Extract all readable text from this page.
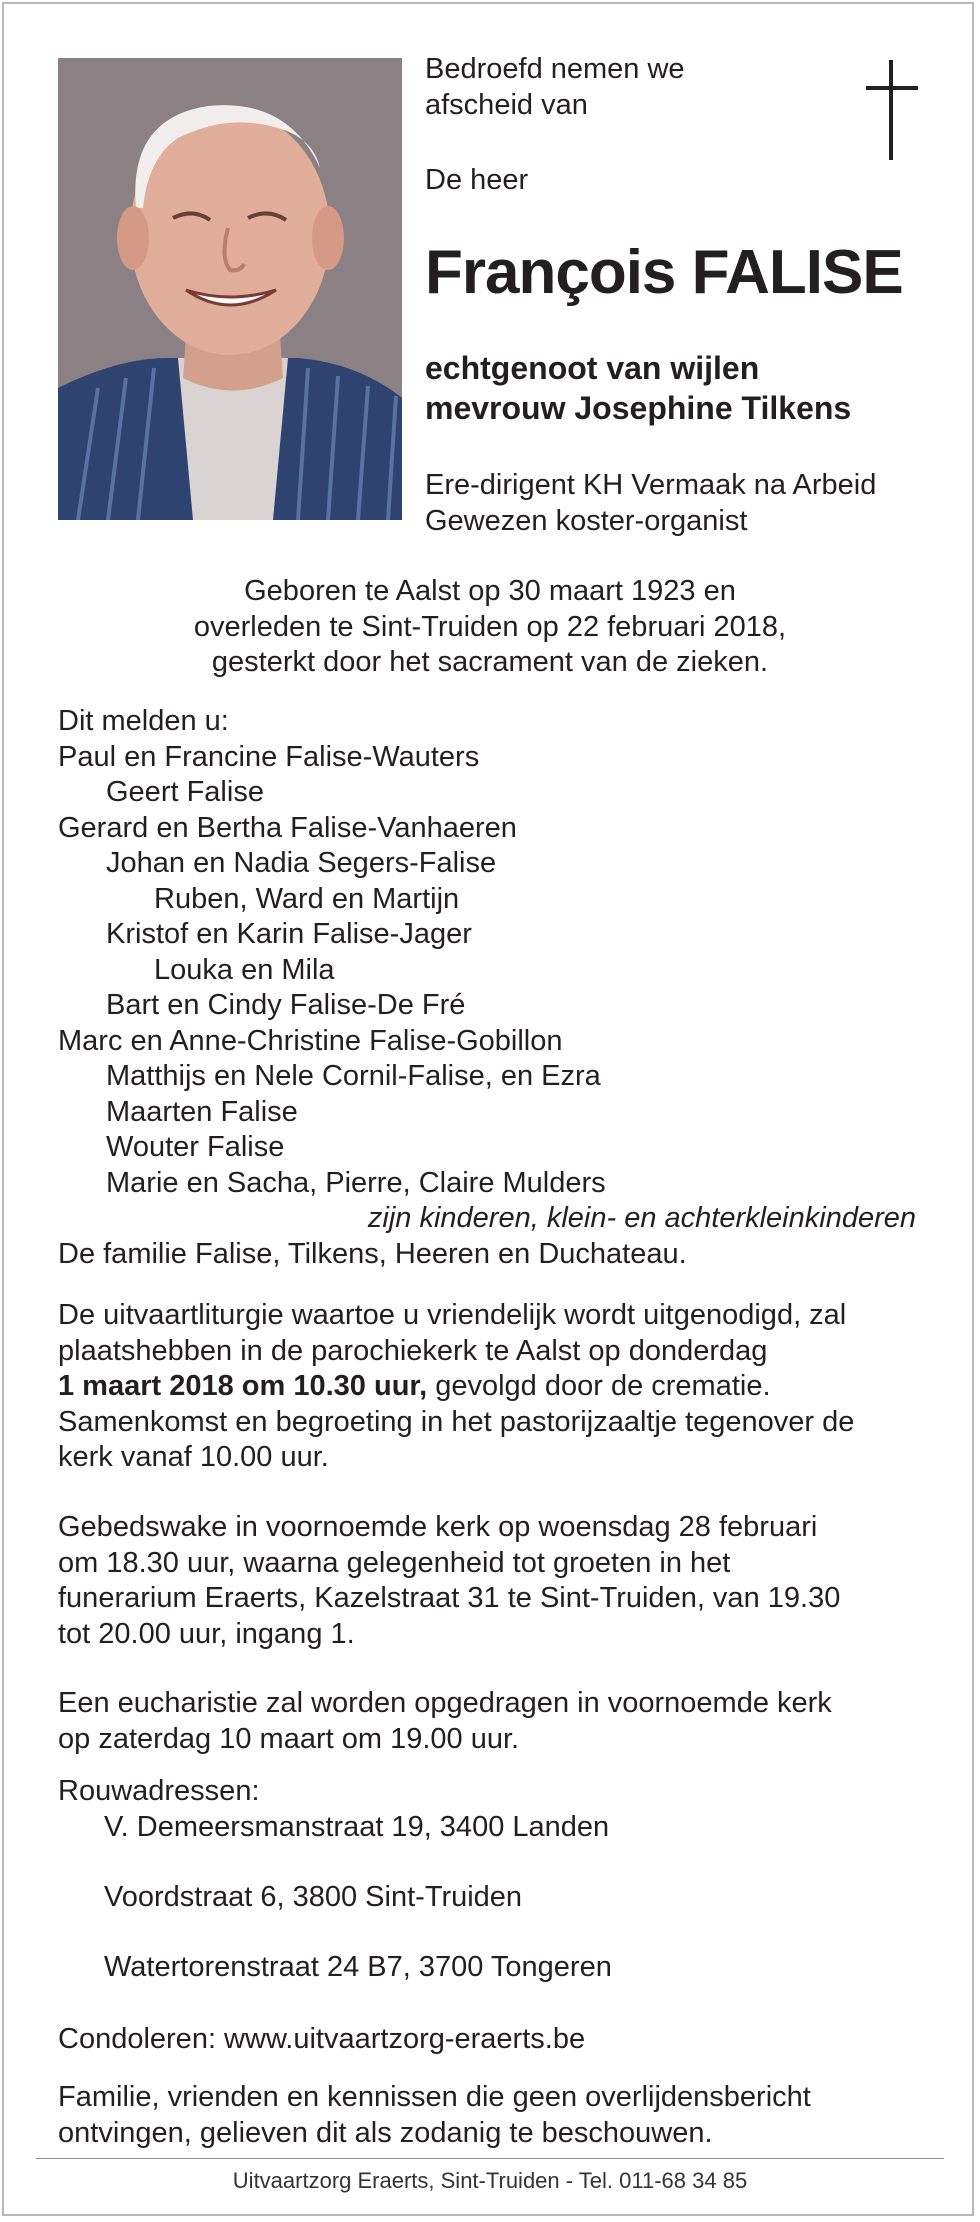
Bedroefd nemen we
afscheid van
De heer
François FALISE
echtgenoot van wijlen
mevrouw Josephine Tilkens
Ere-dirigent KH Vermaak na Arbeid
Gewezen koster-organist
Geboren te Aalst op 30 maart 1923 en
overleden te Sint-Truiden op 22 februari 2018,
gesterkt door het sacrament van de zieken.
Dit melden u:
Paul en Francine Falise-Wauters
Geert Falise
Gerard en Bertha Falise-Vanhaeren
Johan en Nadia Segers-Falise
Ruben, Ward en Martijn
Kristof en Karin Falise-Jager
Louka en Mila
Bart en Cindy Falise-De Fré
Marc en Anne-Christine Falise-Gobillon
Matthijs en Nele Cornil-Falise, en Ezra
Maarten Falise
Wouter Falise
Marie en Sacha, Pierre, Claire Mulders
zijn kinderen, klein- en achterkleinkinderen
De familie Falise, Tilkens, Heeren en Duchateau.
De uitvaartliturgie waartoe u vriendelijk wordt uitgenodigd, zal
plaatshebben in de parochiekerk te Aalst op donderdag
1 maart 2018 om 10.30 uur, gevolgd door de crematie.
Samenkomst en begroeting in het pastorijzaaltje tegenover de
kerk vanaf 10.00 uur.
Gebedswake in voornoemde kerk op woensdag 28 februari
om 18.30 uur, waarna gelegenheid tot groeten in het
funerarium Eraerts, Kazelstraat 31 te Sint-Truiden, van 19.30
tot 20.00 uur, ingang 1.
Een eucharistie zal worden opgedragen in voornoemde kerk
op zaterdag 10 maart om 19.00 uur.
Rouwadressen:
V. Demeersmanstraat 19, 3400 Landen
Voordstraat 6, 3800 Sint-Truiden
Watertorenstraat 24 B7, 3700 Tongeren
Condoleren: www.uitvaartzorg-eraerts.be
Familie, vrienden en kennissen die geen overlijdensbericht
ontvingen, gelieven dit als zodanig te beschouwen.
Uitvaartzorg Eraerts, Sint-Truiden - Tel. 011-68 34 85
